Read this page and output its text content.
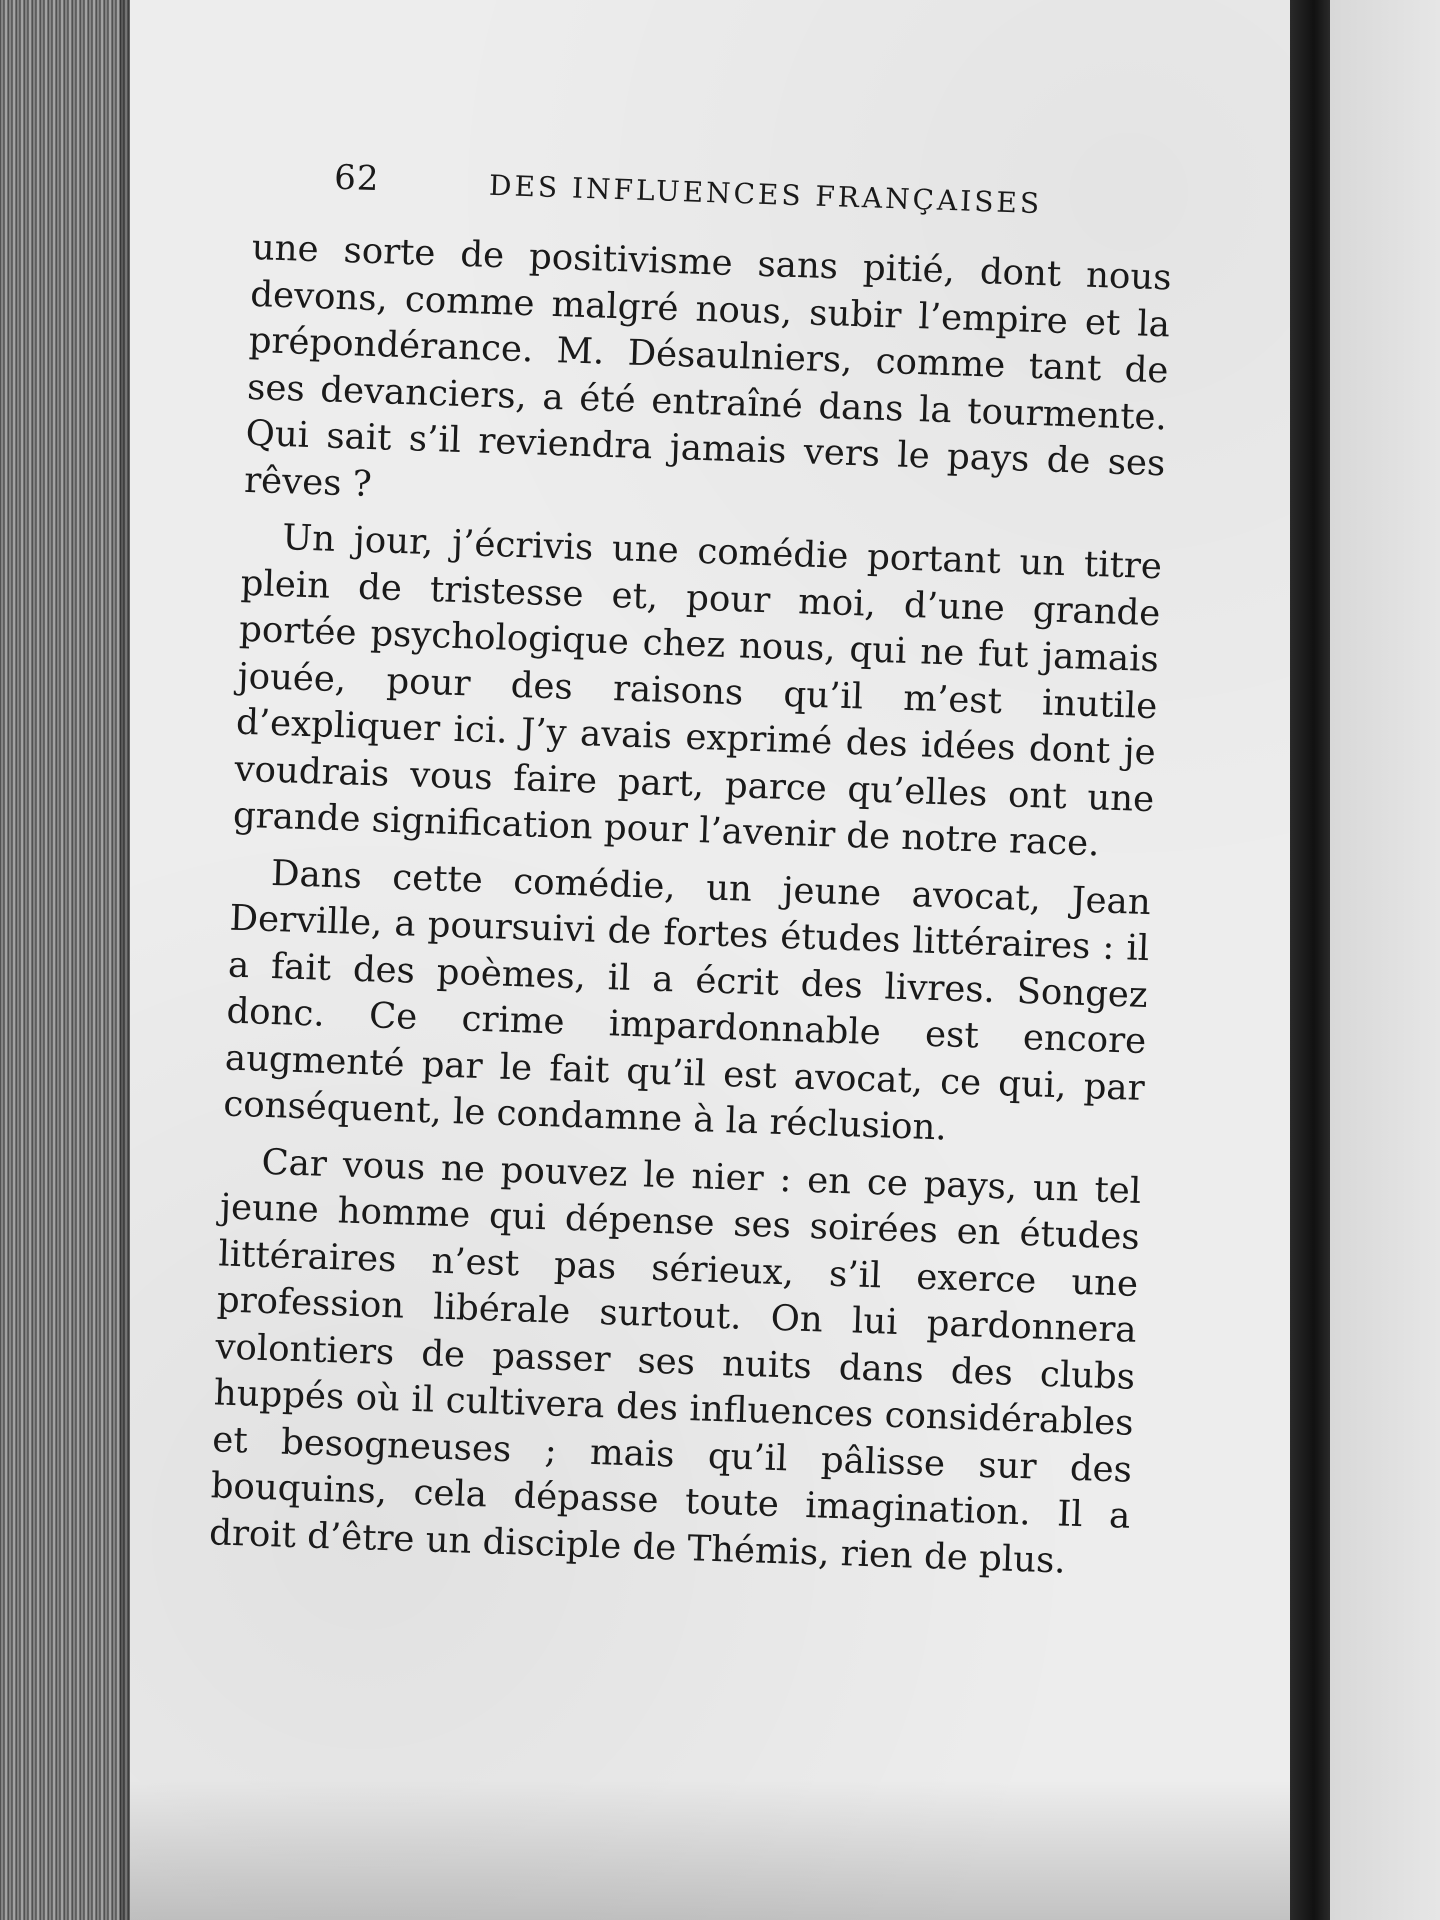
62	DES INFLUENCES FRANÇAISES

une sorte de positivisme sans pitié, dont nous devons, comme malgré nous, subir l’empire et la prépondérance. M. Désaulniers, comme tant de ses devanciers, a été entraîné dans la tourmente. Qui sait s’il reviendra jamais vers le pays de ses rêves ?

Un jour, j’écrivis une comédie portant un titre plein de tristesse et, pour moi, d’une grande portée psychologique chez nous, qui ne fut jamais jouée, pour des raisons qu’il m’est inutile d’expliquer ici. J’y avais exprimé des idées dont je voudrais vous faire part, parce qu’elles ont une grande signification pour l’avenir de notre race.

Dans cette comédie, un jeune avocat, Jean Derville, a poursuivi de fortes études littéraires : il a fait des poèmes, il a écrit des livres. Songez donc. Ce crime impardonnable est encore augmenté par le fait qu’il est avocat, ce qui, par conséquent, le condamne à la réclusion.

Car vous ne pouvez le nier : en ce pays, un tel jeune homme qui dépense ses soirées en études littéraires n’est pas sérieux, s’il exerce une profession libérale surtout. On lui pardonnera volontiers de passer ses nuits dans des clubs huppés où il cultivera des influences considérables et besogneuses ; mais qu’il pâlisse sur des bouquins, cela dépasse toute imagination. Il a droit d’être un disciple de Thémis, rien de plus.
